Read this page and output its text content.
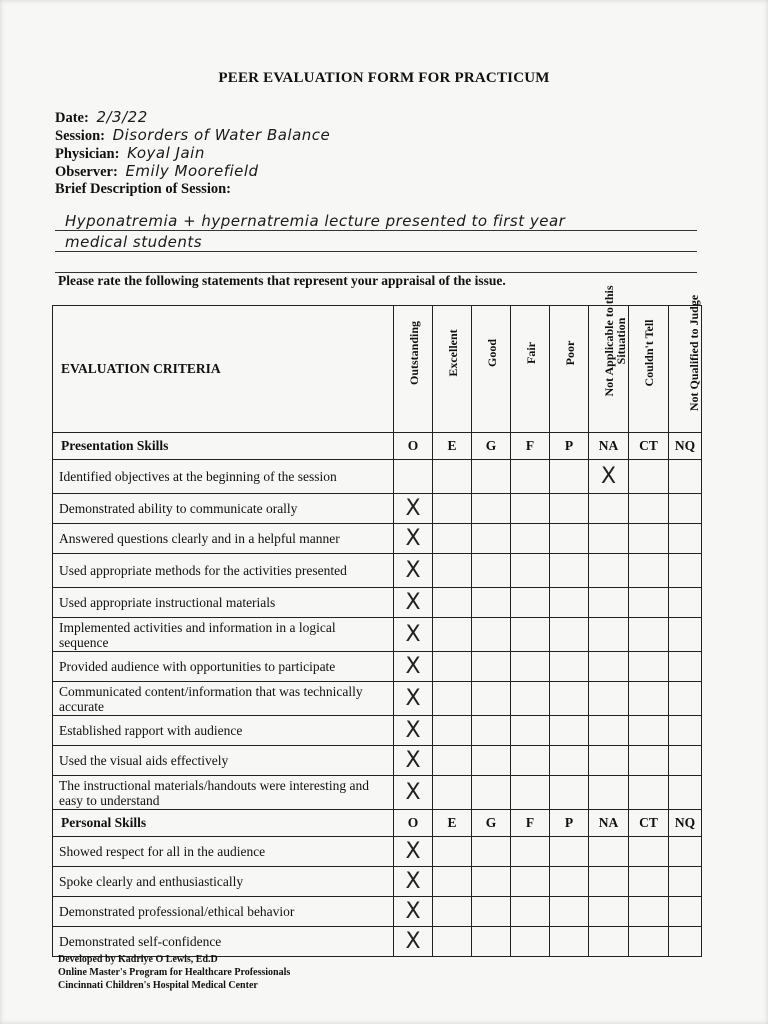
PEER EVALUATION FORM FOR PRACTICUM
Date: 2/3/22
Session: Disorders of Water Balance
Physician: Koyal Jain
Observer: Emily Moorefield
Brief Description of Session:
Hyponatremia + hypernatremia lecture presented to first year
medical students
Please rate the following statements that represent your appraisal of the issue.
EVALUATION CRITERIA	Outstanding	Excellent	Good	Fair	Poor	Not Applicable to this Situation	Couldn't Tell	Not Qualified to Judge

Presentation Skills	O	E	G	F	P	NA	CT	NQ
Identified objectives at the beginning of the session						X		

Demonstrated ability to communicate orally	X							

Answered questions clearly and in a helpful manner	X							

Used appropriate methods for the activities presented	X							

Used appropriate instructional materials	X							

Implemented activities and information in a logical sequence	X							

Provided audience with opportunities to participate	X							

Communicated content/information that was technically accurate	X							

Established rapport with audience	X							

Used the visual aids effectively	X							

The instructional materials/handouts were interesting and easy to understand	X							

Personal Skills	O	E	G	F	P	NA	CT	NQ
Showed respect for all in the audience	X							

Spoke clearly and enthusiastically	X							

Demonstrated professional/ethical behavior	X							

Demonstrated self-confidence	X							

Developed by Kadriye O Lewis, Ed.D
Online Master's Program for Healthcare Professionals
Cincinnati Children's Hospital Medical Center
